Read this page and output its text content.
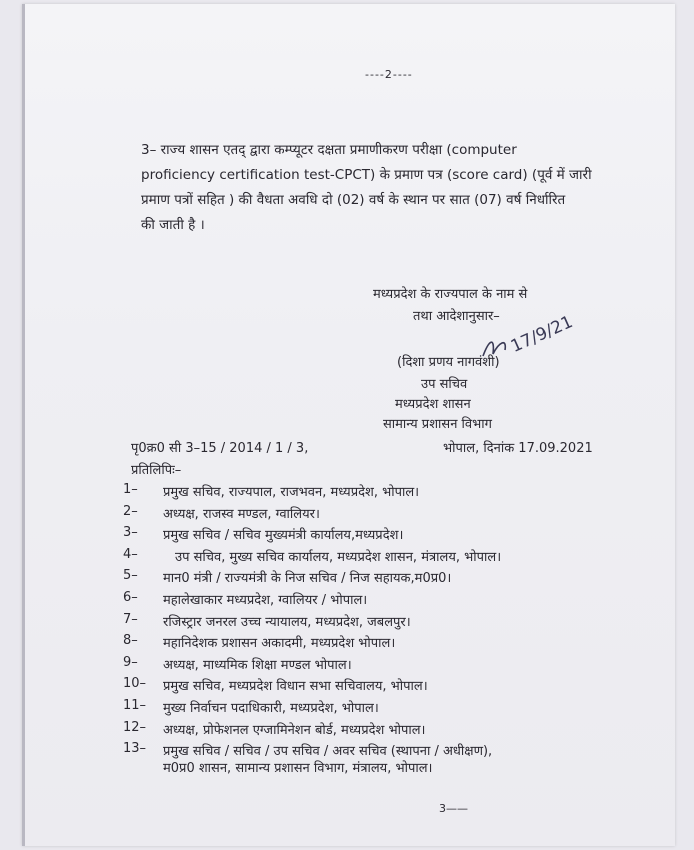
----2----
3– राज्य शासन एतद् द्वारा कम्प्यूटर दक्षता प्रमाणीकरण परीक्षा (computer
proficiency certification test-CPCT) के प्रमाण पत्र (score card) (पूर्व में जारी
प्रमाण पत्रों सहित ) की वैधता अवधि दो (02) वर्ष के स्थान पर सात (07) वर्ष निर्धारित
की जाती है ।
मध्यप्रदेश के राज्यपाल के नाम से
तथा आदेशानुसार– 17/9/21
(दिशा प्रणय नागवंशी)
उप सचिव
मध्यप्रदेश शासन
सामान्य प्रशासन विभाग
पृ0क्र0 सी 3–15 / 2014 / 1 / 3,	भोपाल, दिनांक 17.09.2021
प्रतिलिपिः–
1– प्रमुख सचिव, राज्यपाल, राजभवन, मध्यप्रदेश, भोपाल।
2– अध्यक्ष, राजस्व मण्डल, ग्वालियर।
3– प्रमुख सचिव / सचिव मुख्यमंत्री कार्यालय,मध्यप्रदेश।
4–	उप सचिव, मुख्य सचिव कार्यालय, मध्यप्रदेश शासन, मंत्रालय, भोपाल।
5– मान0 मंत्री / राज्यमंत्री के निज सचिव / निज सहायक,म0प्र0।
6– महालेखाकार मध्यप्रदेश, ग्वालियर / भोपाल।
7– रजिस्ट्रार जनरल उच्च न्यायालय, मध्यप्रदेश, जबलपुर।
8– महानिदेशक प्रशासन अकादमी, मध्यप्रदेश भोपाल।
9– अध्यक्ष, माध्यमिक शिक्षा मण्डल भोपाल।
10– प्रमुख सचिव, मध्यप्रदेश विधान सभा सचिवालय, भोपाल।
11– मुख्य निर्वाचन पदाधिकारी, मध्यप्रदेश, भोपाल।
12– अध्यक्ष, प्रोफेशनल एग्जामिनेशन बोर्ड, मध्यप्रदेश भोपाल।
13– प्रमुख सचिव / सचिव / उप सचिव / अवर सचिव (स्थापना / अधीक्षण),
म0प्र0 शासन, सामान्य प्रशासन विभाग, मंत्रालय, भोपाल।
3——
